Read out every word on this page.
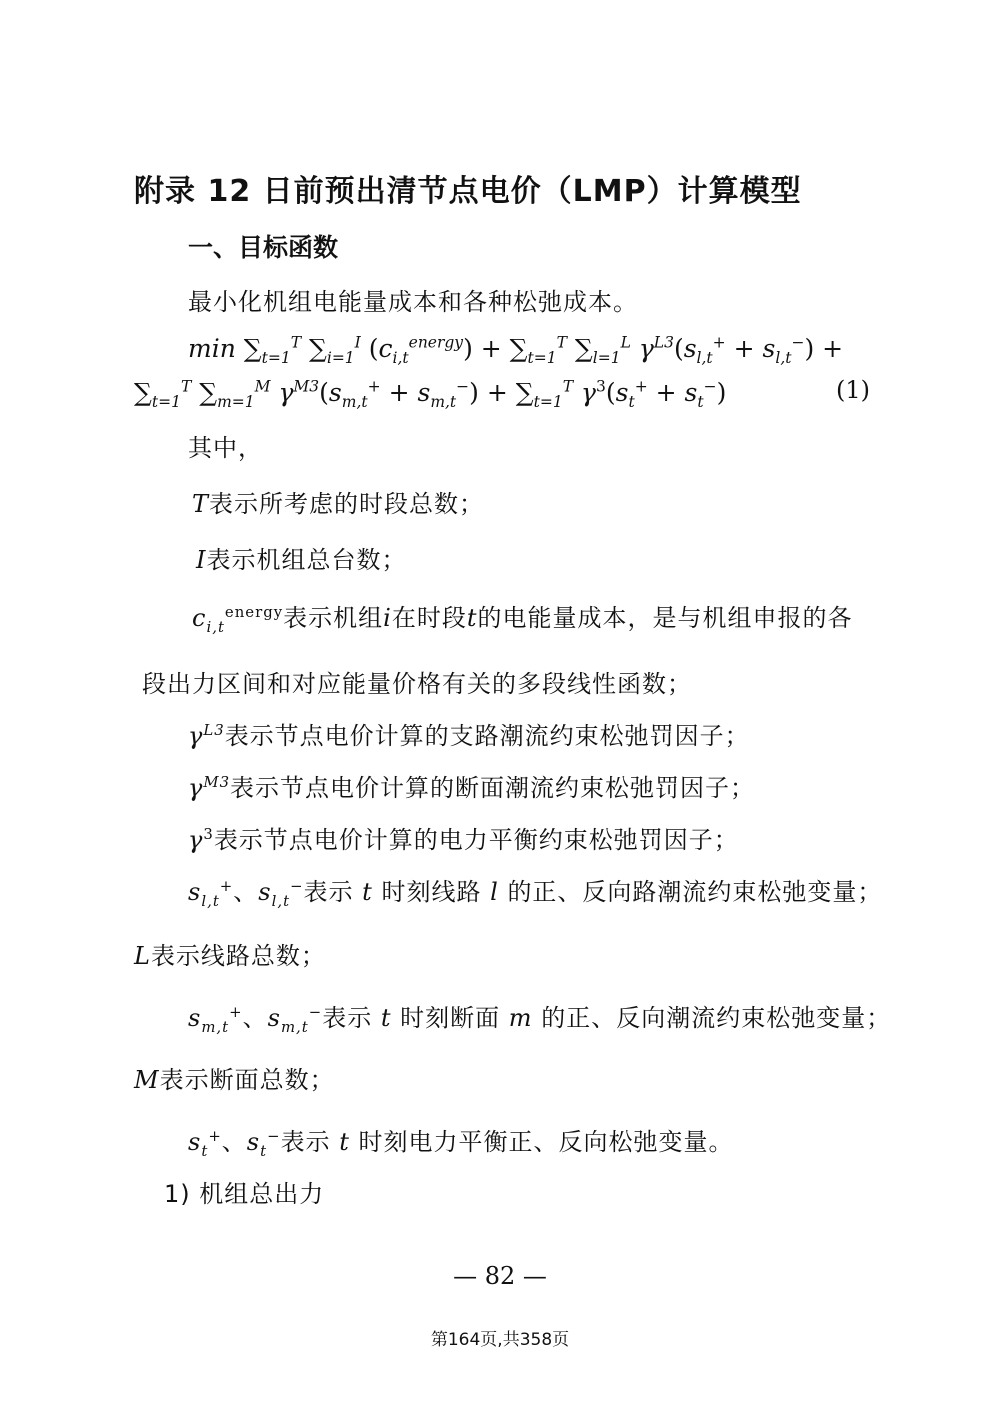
附录 12 日前预出清节点电价（LMP）计算模型
一、目标函数
最小化机组电能量成本和各种松弛成本。
$\min \sum_{t=1}^T$ $\sum_{i=1}^I$ $(c_{i,t}^{energy}) + \sum_{t=1}^T$ $\sum_{l=1}^L$ $\gamma^{L3}(s_{l,t}^+ + s_{l,t}^-)$ +
$\sum_{t=1}^T$ $\sum_{m=1}^M$ $\gamma^{M3}(s_{m,t}^+ + s_{m,t}^-) + \sum_{t=1}^T$ $\gamma^3(s_t^+ + s_t^-)$	(1)
其中，
T表示所考虑的时段总数；
I表示机组总台数；
$c_{i,t}^{energy}$表示机组i在时段t的电能量成本，是与机组申报的各
段出力区间和对应能量价格有关的多段线性函数；
$\gamma^{L3}$表示节点电价计算的支路潮流约束松弛罚因子；
$\gamma^{M3}$表示节点电价计算的断面潮流约束松弛罚因子；
$\gamma^3$表示节点电价计算的电力平衡约束松弛罚因子；
$s_{l,t}^+$、$s_{l,t}^-$表示 t 时刻线路 l 的正、反向路潮流约束松弛变量；
L表示线路总数；
$s_{m,t}^+$、$s_{m,t}^-$表示 t 时刻断面 m 的正、反向潮流约束松弛变量；
M表示断面总数；
$s_t^+$、$s_t^-$表示 t 时刻电力平衡正、反向松弛变量。
1) 机组总出力
— 82 —
第164页,共358页
